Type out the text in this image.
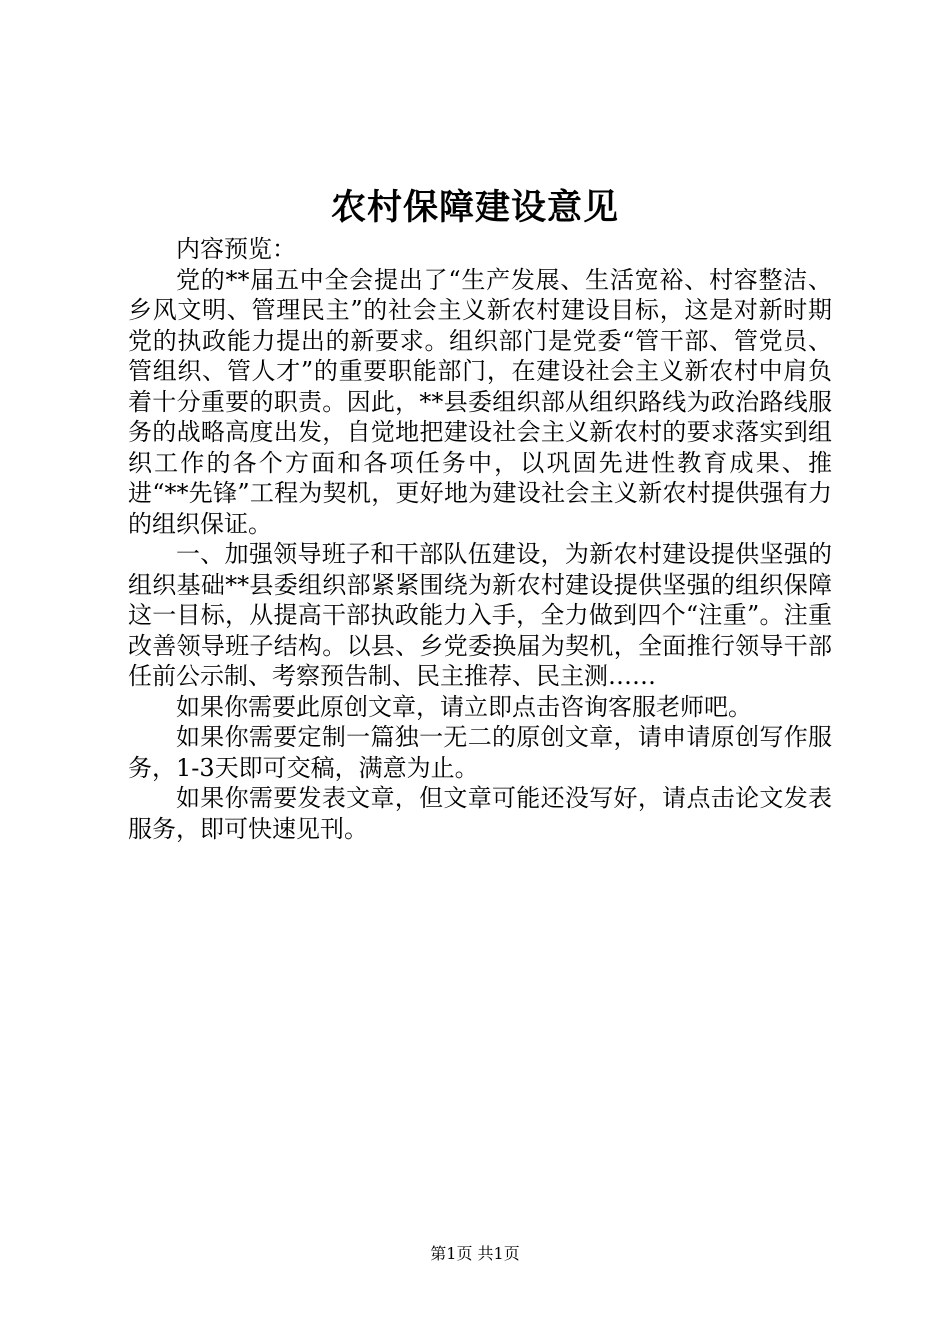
农村保障建设意见

内容预览：

党的**届五中全会提出了“生产发展、生活宽裕、村容整洁、乡风文明、管理民主”的社会主义新农村建设目标，这是对新时期党的执政能力提出的新要求。组织部门是党委“管干部、管党员、管组织、管人才”的重要职能部门，在建设社会主义新农村中肩负着十分重要的职责。因此，**县委组织部从组织路线为政治路线服务的战略高度出发，自觉地把建设社会主义新农村的要求落实到组织工作的各个方面和各项任务中，以巩固先进性教育成果、推进“**先锋”工程为契机，更好地为建设社会主义新农村提供强有力的组织保证。

一、加强领导班子和干部队伍建设，为新农村建设提供坚强的组织基础**县委组织部紧紧围绕为新农村建设提供坚强的组织保障这一目标，从提高干部执政能力入手，全力做到四个“注重”。注重改善领导班子结构。以县、乡党委换届为契机，全面推行领导干部任前公示制、考察预告制、民主推荐、民主测……

如果你需要此原创文章，请立即点击咨询客服老师吧。

如果你需要定制一篇独一无二的原创文章，请申请原创写作服务，1-3天即可交稿，满意为止。

如果你需要发表文章，但文章可能还没写好，请点击论文发表服务，即可快速见刊。

第1页 共1页
